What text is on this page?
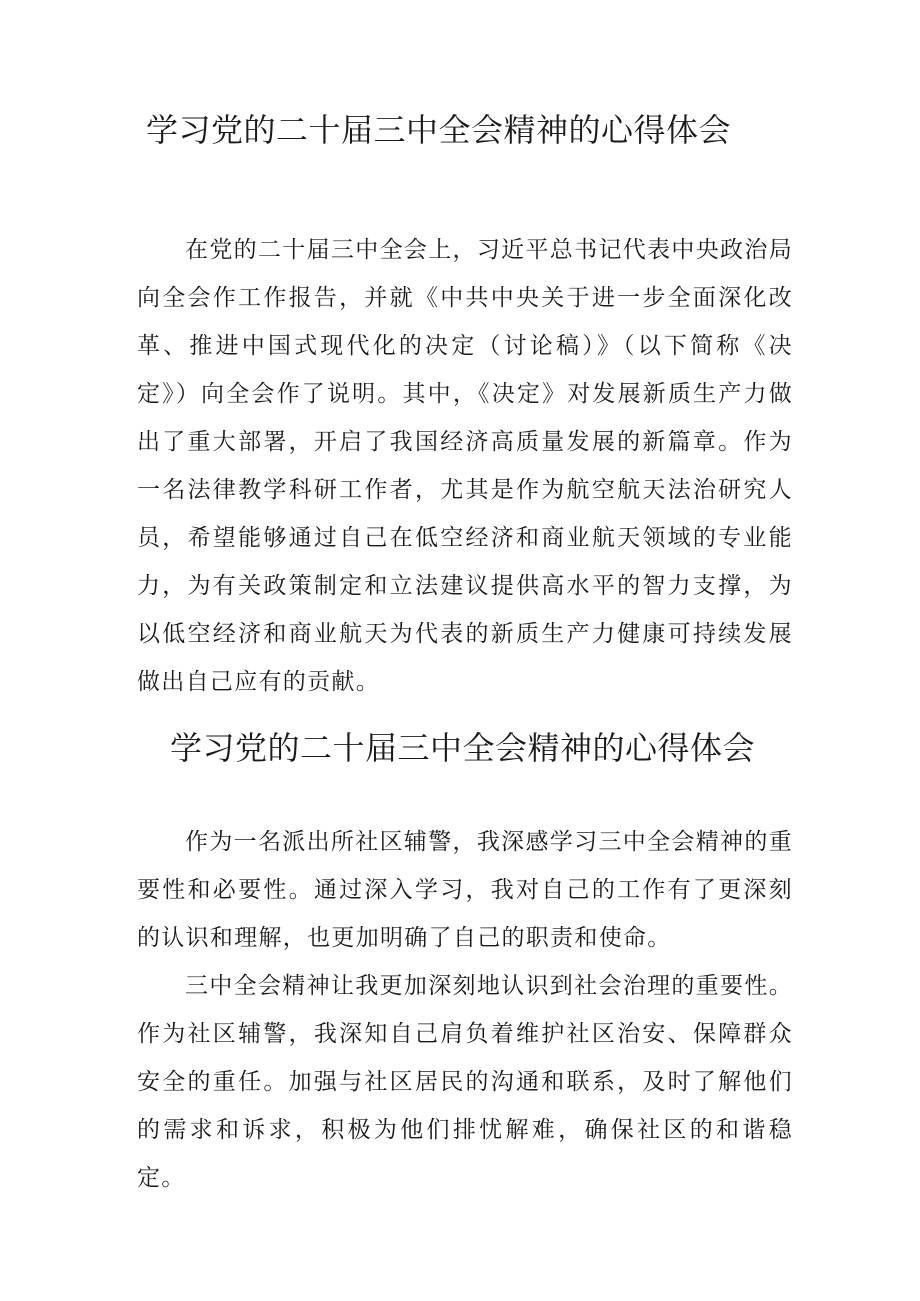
学习党的二十届三中全会精神的心得体会

在党的二十届三中全会上，习近平总书记代表中央政治局向全会作工作报告，并就《中共中央关于进一步全面深化改革、推进中国式现代化的决定（讨论稿）》（以下简称《决定》）向全会作了说明。其中，《决定》对发展新质生产力做出了重大部署，开启了我国经济高质量发展的新篇章。作为一名法律教学科研工作者，尤其是作为航空航天法治研究人员，希望能够通过自己在低空经济和商业航天领域的专业能力，为有关政策制定和立法建议提供高水平的智力支撑，为以低空经济和商业航天为代表的新质生产力健康可持续发展做出自己应有的贡献。

学习党的二十届三中全会精神的心得体会

作为一名派出所社区辅警，我深感学习三中全会精神的重要性和必要性。通过深入学习，我对自己的工作有了更深刻的认识和理解，也更加明确了自己的职责和使命。

三中全会精神让我更加深刻地认识到社会治理的重要性。作为社区辅警，我深知自己肩负着维护社区治安、保障群众安全的重任。加强与社区居民的沟通和联系，及时了解他们的需求和诉求，积极为他们排忧解难，确保社区的和谐稳定。
